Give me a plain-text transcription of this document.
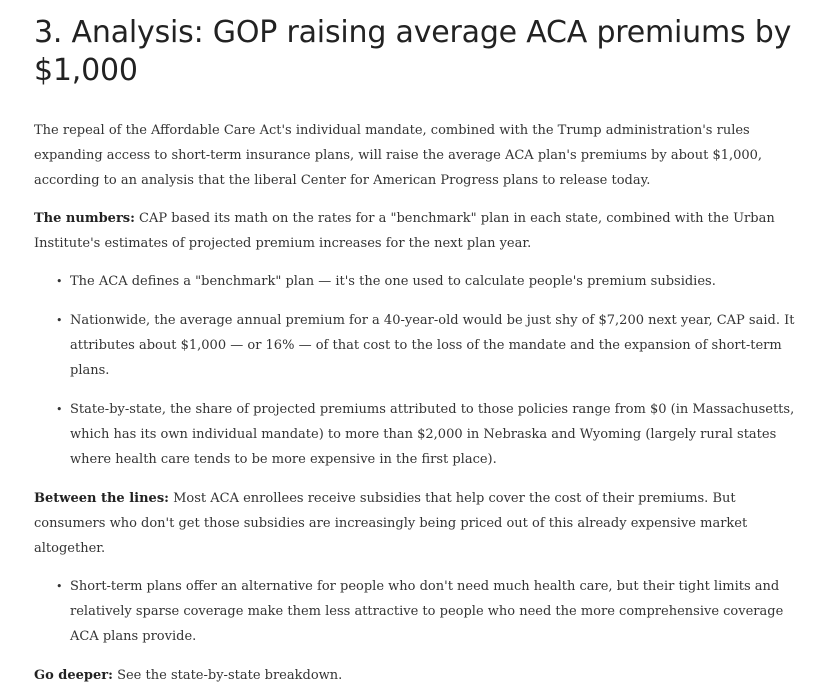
3. Analysis: GOP raising average ACA premiums by $1,000

The repeal of the Affordable Care Act's individual mandate, combined with the Trump administration's rules expanding access to short-term insurance plans, will raise the average ACA plan's premiums by about $1,000, according to an analysis that the liberal Center for American Progress plans to release today.

The numbers: CAP based its math on the rates for a "benchmark" plan in each state, combined with the Urban Institute's estimates of projected premium increases for the next plan year.

• The ACA defines a "benchmark" plan — it's the one used to calculate people's premium subsidies.
• Nationwide, the average annual premium for a 40-year-old would be just shy of $7,200 next year, CAP said. It attributes about $1,000 — or 16% — of that cost to the loss of the mandate and the expansion of short-term plans.
• State-by-state, the share of projected premiums attributed to those policies range from $0 (in Massachusetts, which has its own individual mandate) to more than $2,000 in Nebraska and Wyoming (largely rural states where health care tends to be more expensive in the first place).

Between the lines: Most ACA enrollees receive subsidies that help cover the cost of their premiums. But consumers who don't get those subsidies are increasingly being priced out of this already expensive market altogether.

• Short-term plans offer an alternative for people who don't need much health care, but their tight limits and relatively sparse coverage make them less attractive to people who need the more comprehensive coverage ACA plans provide.

Go deeper: See the state-by-state breakdown.
